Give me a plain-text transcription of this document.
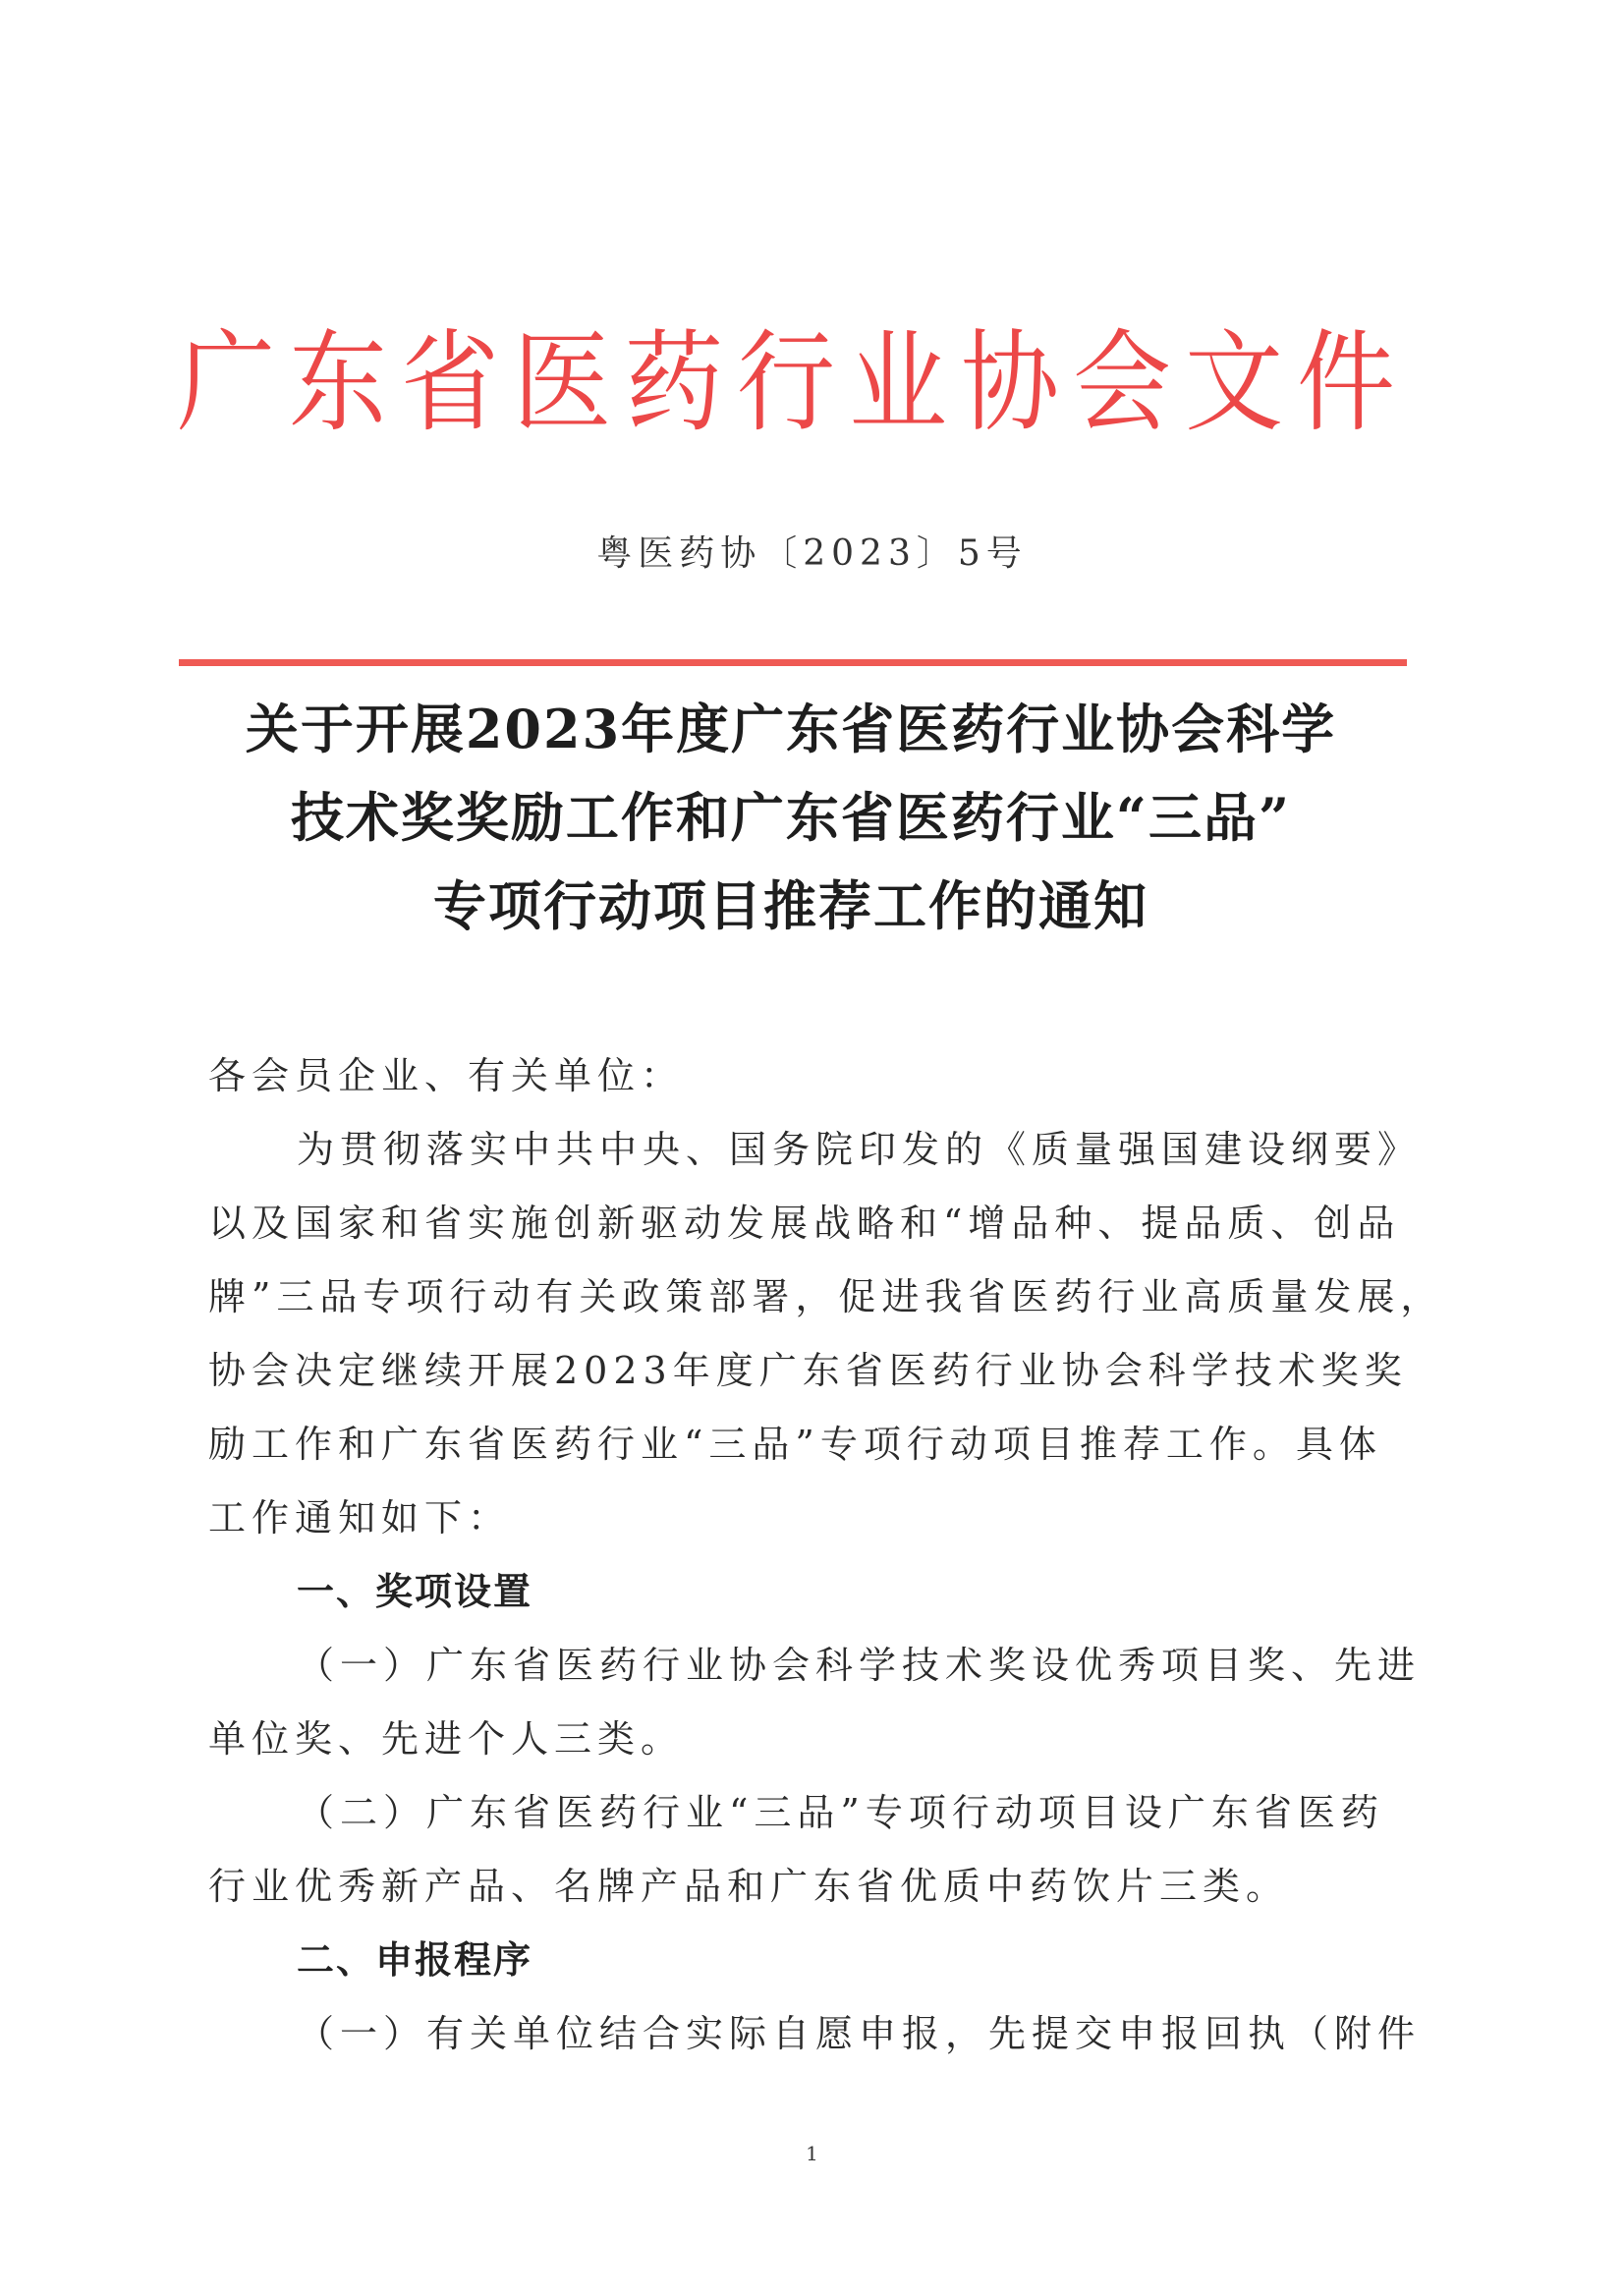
广 东 省 医 药 行 业 协 会 文 件
粤医药协〔2023〕5号
关于开展2023年度广东省医药行业协会科学
技术奖奖励工作和广东省医药行业“三品”
专项行动项目推荐工作的通知
各会员企业、有关单位：
为贯彻落实中共中央、国务院印发的《质量强国建设纲要》
以及国家和省实施创新驱动发展战略和“增品种、提品质、创品
牌”三品专项行动有关政策部署，促进我省医药行业高质量发展，
协会决定继续开展2023年度广东省医药行业协会科学技术奖奖
励工作和广东省医药行业“三品”专项行动项目推荐工作。具体
工作通知如下：
一、奖项设置
（一）广东省医药行业协会科学技术奖设优秀项目奖、先进
单位奖、先进个人三类。
（二）广东省医药行业“三品”专项行动项目设广东省医药
行业优秀新产品、名牌产品和广东省优质中药饮片三类。
二、申报程序
（一）有关单位结合实际自愿申报，先提交申报回执（附件
1
